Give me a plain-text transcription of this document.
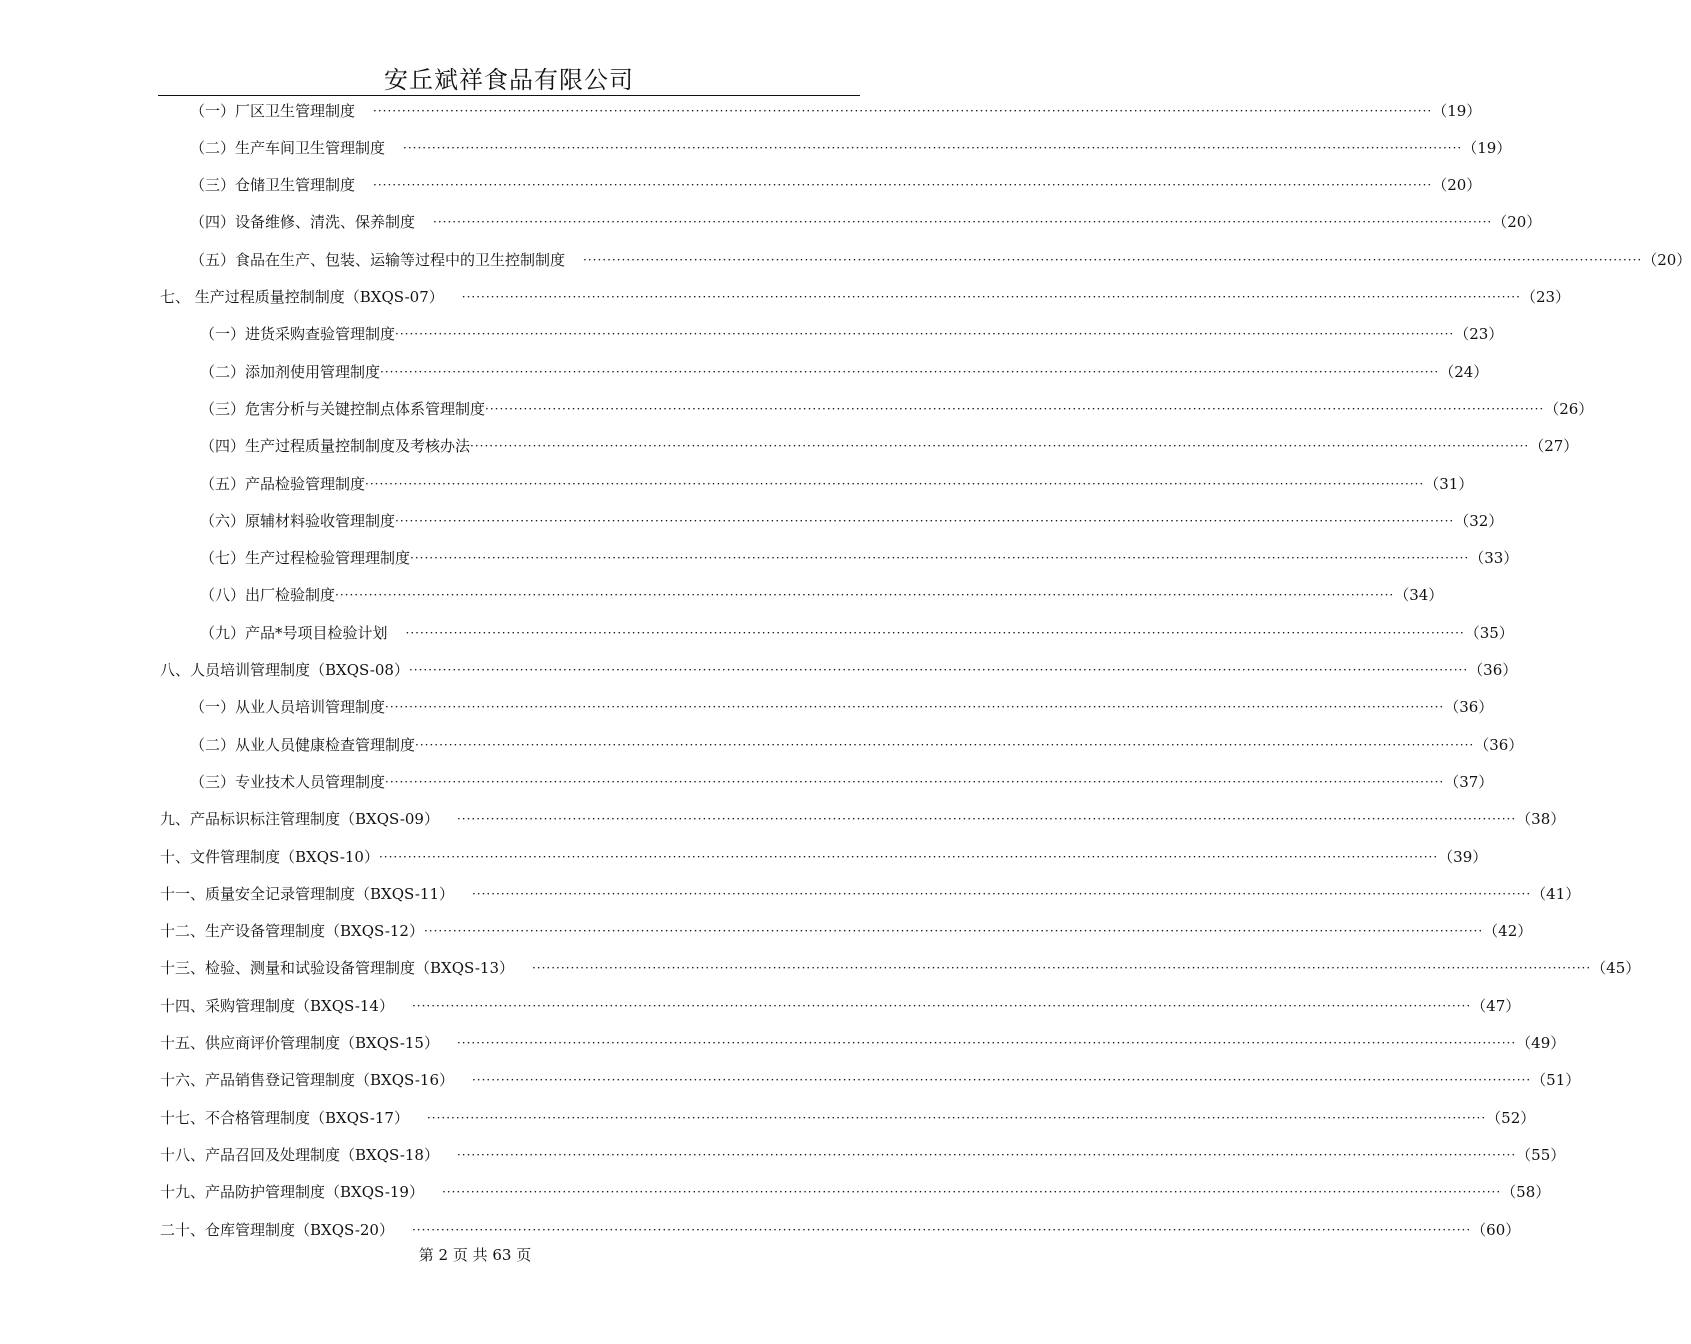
安丘斌祥食品有限公司
（一）厂区卫生管理制度 ···························································································································································································································· （19）
（二）生产车间卫生管理制度 ···························································································································································································································· （19）
（三）仓储卫生管理制度 ···························································································································································································································· （20）
（四）设备维修、清洗、保养制度 ···························································································································································································································· （20）
（五）食品在生产、包装、运输等过程中的卫生控制制度 ···························································································································································································································· （20）
七、 生产过程质量控制制度（BXQS-07） ···························································································································································································································· （23）
（一）进货采购查验管理制度 ···························································································································································································································· （23）
（二）添加剂使用管理制度 ···························································································································································································································· （24）
（三）危害分析与关键控制点体系管理制度 ···························································································································································································································· （26）
（四）生产过程质量控制制度及考核办法 ···························································································································································································································· （27）
（五）产品检验管理制度 ···························································································································································································································· （31）
（六）原辅材料验收管理制度 ···························································································································································································································· （32）
（七）生产过程检验管理理制度 ···························································································································································································································· （33）
（八）出厂检验制度 ···························································································································································································································· （34）
（九）产品*号项目检验计划 ···························································································································································································································· （35）
八、人员培训管理制度（BXQS-08） ···························································································································································································································· （36）
（一）从业人员培训管理制度 ···························································································································································································································· （36）
（二）从业人员健康检查管理制度 ···························································································································································································································· （36）
（三）专业技术人员管理制度 ···························································································································································································································· （37）
九、产品标识标注管理制度（BXQS-09） ···························································································································································································································· （38）
十、文件管理制度（BXQS-10） ···························································································································································································································· （39）
十一、质量安全记录管理制度（BXQS-11） ···························································································································································································································· （41）
十二、生产设备管理制度（BXQS-12） ···························································································································································································································· （42）
十三、检验、测量和试验设备管理制度（BXQS-13） ···························································································································································································································· （45）
十四、采购管理制度（BXQS-14） ···························································································································································································································· （47）
十五、供应商评价管理制度（BXQS-15） ···························································································································································································································· （49）
十六、产品销售登记管理制度（BXQS-16） ···························································································································································································································· （51）
十七、不合格管理制度（BXQS-17） ···························································································································································································································· （52）
十八、产品召回及处理制度（BXQS-18） ···························································································································································································································· （55）
十九、产品防护管理制度（BXQS-19） ···························································································································································································································· （58）
二十、仓库管理制度（BXQS-20） ···························································································································································································································· （60）
第 2 页 共 63 页
